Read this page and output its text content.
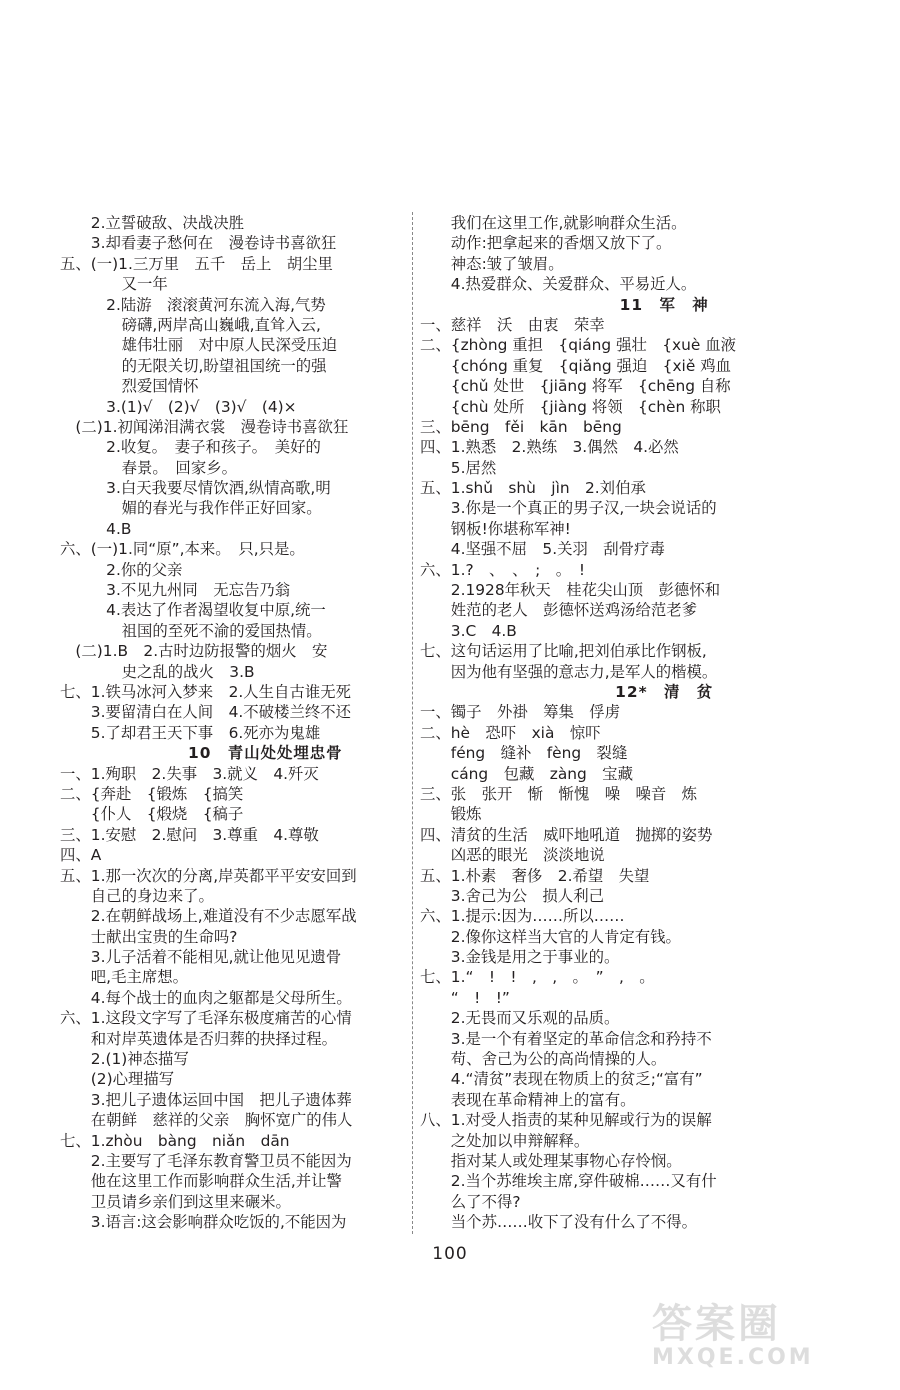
　　2.立誓破敌、决战决胜
　　3.却看妻子愁何在　漫卷诗书喜欲狂
五、(一)1.三万里　五千　岳上　胡尘里
　　　　又一年
　　　2.陆游　滚滚黄河东流入海,气势
　　　　磅礴,两岸高山巍峨,直耸入云,
　　　　雄伟壮丽　对中原人民深受压迫
　　　　的无限关切,盼望祖国统一的强
　　　　烈爱国情怀
　　　3.(1)√　(2)√　(3)√　(4)×
　(二)1.初闻涕泪满衣裳　漫卷诗书喜欲狂
　　　2.收复。　妻子和孩子。　美好的
　　　　春景。　回家乡。
　　　3.白天我要尽情饮酒,纵情高歌,明
　　　　媚的春光与我作伴正好回家。
　　　4.B
六、(一)1.同“原”,本来。　只,只是。
　　　2.你的父亲
　　　3.不见九州同　无忘告乃翁
　　　4.表达了作者渴望收复中原,统一
　　　　祖国的至死不渝的爱国热情。
　(二)1.B　2.古时边防报警的烟火　安
　　　　史之乱的战火　3.B
七、1.铁马冰河入梦来　2.人生自古谁无死
　　3.要留清白在人间　4.不破楼兰终不还
　　5.了却君王天下事　6.死亦为鬼雄
　　　　10　青山处处埋忠骨
一、1.殉职　2.失事　3.就义　4.歼灭
二、{奔赴　{锻炼　{搞笑
　　{仆人　{煅烧　{稿子
三、1.安慰　2.慰问　3.尊重　4.尊敬
四、A
五、1.那一次次的分离,岸英都平平安安回到
　　自己的身边来了。
　　2.在朝鲜战场上,难道没有不少志愿军战
　　士献出宝贵的生命吗?
　　3.儿子活着不能相见,就让他见见遗骨
　　吧,毛主席想。
　　4.每个战士的血肉之躯都是父母所生。
六、1.这段文字写了毛泽东极度痛苦的心情
　　和对岸英遗体是否归葬的抉择过程。
　　2.(1)神态描写
　　(2)心理描写
　　3.把儿子遗体运回中国　把儿子遗体葬
　　在朝鲜　慈祥的父亲　胸怀宽广的伟人
七、1.zhòu　bàng　niǎn　dān
　　2.主要写了毛泽东教育警卫员不能因为
　　他在这里工作而影响群众生活,并让警
　　卫员请乡亲们到这里来碾米。
　　3.语言:这会影响群众吃饭的,不能因为
　　我们在这里工作,就影响群众生活。
　　动作:把拿起来的香烟又放下了。
　　神态:皱了皱眉。
　　4.热爱群众、关爱群众、平易近人。
　　　　　　11　军　神
一、慈祥　沃　由衷　荣幸
二、{zhòng 重担　{qiáng 强壮　{xuè 血液
　　{chóng 重复　{qiǎng 强迫　{xiě 鸡血
　　{chǔ 处世　{jiāng 将军　{chēng 自称
　　{chù 处所　{jiàng 将领　{chèn 称职
三、bēng　fěi　kān　bēng
四、1.熟悉　2.熟练　3.偶然　4.必然
　　5.居然
五、1.shǔ　shù　jìn　2.刘伯承
　　3.你是一个真正的男子汉,一块会说话的
　　钢板!你堪称军神!
　　4.坚强不屈　5.关羽　刮骨疗毒
六、1.?　、　、　;　。　!
　　2.1928年秋天　桂花尖山顶　彭德怀和
　　姓范的老人　彭德怀送鸡汤给范老爹
　　3.C　4.B
七、这句话运用了比喻,把刘伯承比作钢板,
　　因为他有坚强的意志力,是军人的楷模。
　　　　　　12*　清　贫
一、镯子　外褂　筹集　俘虏
二、hè　恐吓　xià　惊吓
　　féng　缝补　fèng　裂缝
　　cáng　包藏　zàng　宝藏
三、张　张开　惭　惭愧　噪　噪音　炼
　　锻炼
四、清贫的生活　威吓地吼道　抛掷的姿势
　　凶恶的眼光　淡淡地说
五、1.朴素　奢侈　2.希望　失望
　　3.舍己为公　损人利己
六、1.提示:因为……所以……
　　2.像你这样当大官的人肯定有钱。
　　3.金钱是用之于事业的。
七、1.“　!　!　,　,　。　”　,　。
　　“　!　!”
　　2.无畏而又乐观的品质。
　　3.是一个有着坚定的革命信念和矜持不
　　苟、舍己为公的高尚情操的人。
　　4.“清贫”表现在物质上的贫乏;“富有”
　　表现在革命精神上的富有。
八、1.对受人指责的某种见解或行为的误解
　　之处加以申辩解释。
　　指对某人或处理某事物心存怜悯。
　　2.当个苏维埃主席,穿件破棉……又有什
　　么了不得?
　　当个苏……收下了没有什么了不得。
100
答案圈
MXQE.COM
